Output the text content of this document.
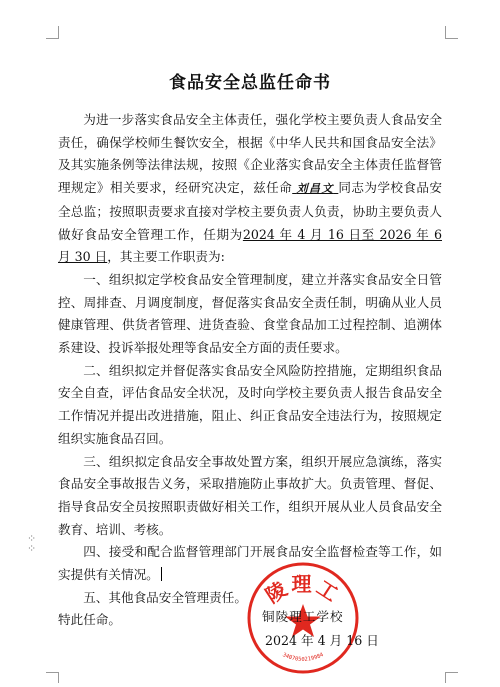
食品安全总监任命书

为进一步落实食品安全主体责任，强化学校主要负责人食品安全责任，确保学校师生餐饮安全，根据《中华人民共和国食品安全法》及其实施条例等法律法规，按照《企业落实食品安全主体责任监督管理规定》相关要求，经研究决定，兹任命 刘昌文 同志为学校食品安全总监；按照职责要求直接对学校主要负责人负责，协助主要负责人做好食品安全管理工作，任期为2024 年 4 月 16 日至 2026 年 6 月 30 日，其主要工作职责为:

一、组织拟定学校食品安全管理制度，建立并落实食品安全日管控、周排查、月调度制度，督促落实食品安全责任制，明确从业人员健康管理、供货者管理、进货查验、食堂食品加工过程控制、追溯体系建设、投诉举报处理等食品安全方面的责任要求。

二、组织拟定并督促落实食品安全风险防控措施，定期组织食品安全自查，评估食品安全状况，及时向学校主要负责人报告食品安全工作情况并提出改进措施，阻止、纠正食品安全违法行为，按照规定组织实施食品召回。

三、组织拟定食品安全事故处置方案，组织开展应急演练，落实食品安全事故报告义务，采取措施防止事故扩大。负责管理、督促、指导食品安全员按照职责做好相关工作，组织开展从业人员食品安全教育、培训、考核。

四、接受和配合监督管理部门开展食品安全监督检查等工作，如实提供有关情况。

五、其他食品安全管理责任。

特此任命。

⁘
⁘
陵理工
3407050219984
铜陵理工学校
2024 年 4 月 16 日
